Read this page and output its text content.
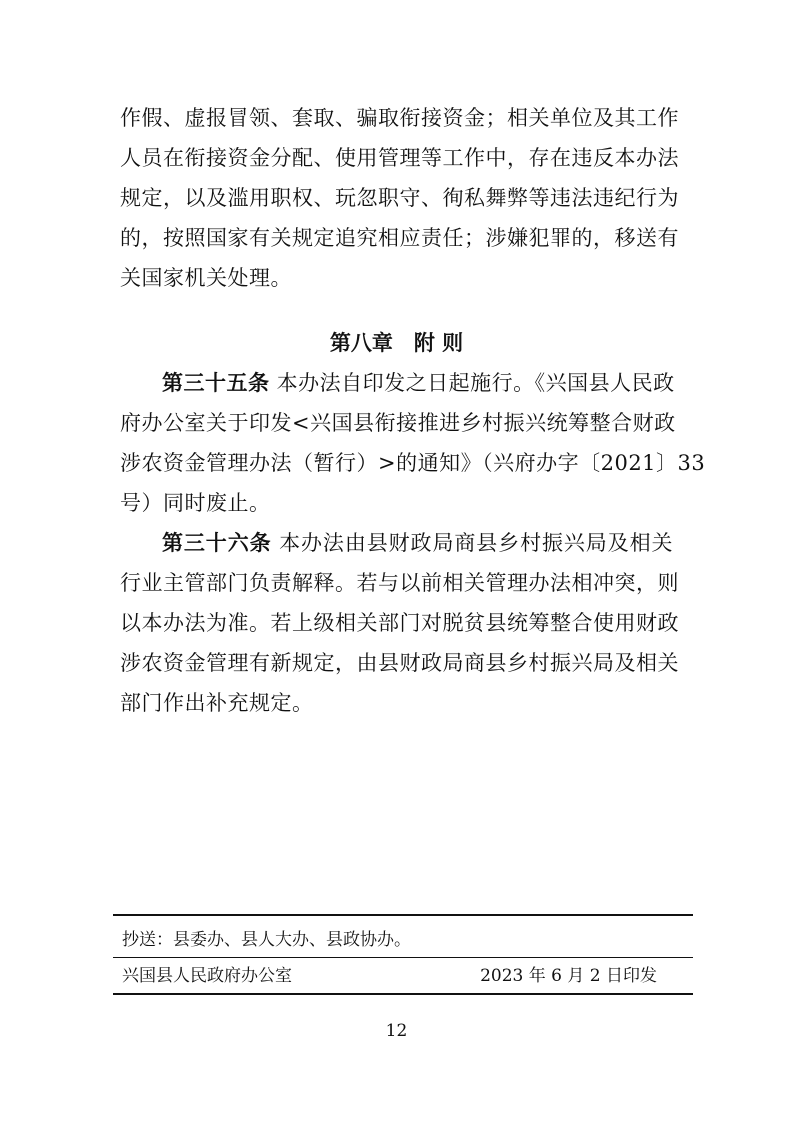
作假、虚报冒领、套取、骗取衔接资金；相关单位及其工作
人员在衔接资金分配、使用管理等工作中，存在违反本办法
规定，以及滥用职权、玩忽职守、徇私舞弊等违法违纪行为
的，按照国家有关规定追究相应责任；涉嫌犯罪的，移送有
关国家机关处理。
第八章　附 则
第三十五条 本办法自印发之日起施行。《兴国县人民政
府办公室关于印发<兴国县衔接推进乡村振兴统筹整合财政
涉农资金管理办法（暂行）>的通知》（兴府办字〔2021〕33
号）同时废止。
第三十六条 本办法由县财政局商县乡村振兴局及相关
行业主管部门负责解释。若与以前相关管理办法相冲突，则
以本办法为准。若上级相关部门对脱贫县统筹整合使用财政
涉农资金管理有新规定，由县财政局商县乡村振兴局及相关
部门作出补充规定。
抄送：县委办、县人大办、县政协办。
兴国县人民政府办公室	2023 年 6 月 2 日印发
12
